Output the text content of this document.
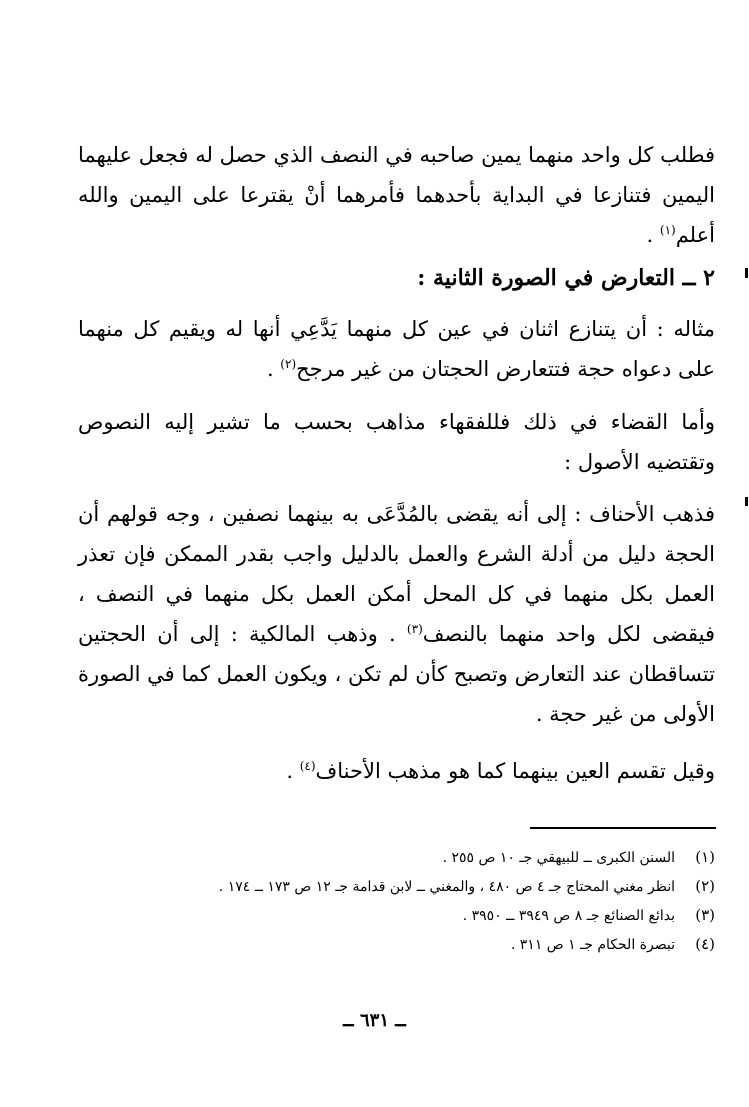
فطلب كل واحد منهما يمين صاحبه في النصف الذي حصل له فجعل عليهما اليمين فتنازعا في البداية بأحدهما فأمرهما أنْ يقترعا على اليمين والله أعلم$^{(١)}$ .

٢ ــ التعارض في الصورة الثانية :

مثاله : أن يتنازع اثنان في عين كل منهما يَدَّعِي أنها له ويقيم كل منهما على دعواه حجة فتتعارض الحجتان من غير مرجح$^{(٢)}$ .

وأما القضاء في ذلك فللفقهاء مذاهب بحسب ما تشير إليه النصوص وتقتضيه الأصول :

فذهب الأحناف : إلى أنه يقضى بالمُدَّعَى به بينهما نصفين ، وجه قولهم أن الحجة دليل من أدلة الشرع والعمل بالدليل واجب بقدر الممكن فإن تعذر العمل بكل منهما في كل المحل أمكن العمل بكل منهما في النصف ، فيقضى لكل واحد منهما بالنصف$^{(٣)}$ . وذهب المالكية : إلى أن الحجتين تتساقطان عند التعارض وتصبح كأن لم تكن ، ويكون العمل كما في الصورة الأولى من غير حجة .

وقيل تقسم العين بينهما كما هو مذهب الأحناف$^{(٤)}$ .

(١)
السنن الكبرى ــ للبيهقي جـ ١٠ ص ٢٥٥ .
(٢)
انظر مغني المحتاج جـ ٤ ص ٤٨٠ ، والمغني ــ لابن قدامة جـ ١٢ ص ١٧٣ ــ ١٧٤ .
(٣)
بدائع الصنائع جـ ٨ ص ٣٩٤٩ ــ ٣٩٥٠ .
(٤)
تبصرة الحكام جـ ١ ص ٣١١ .
ــ ٦٣١ ــ
